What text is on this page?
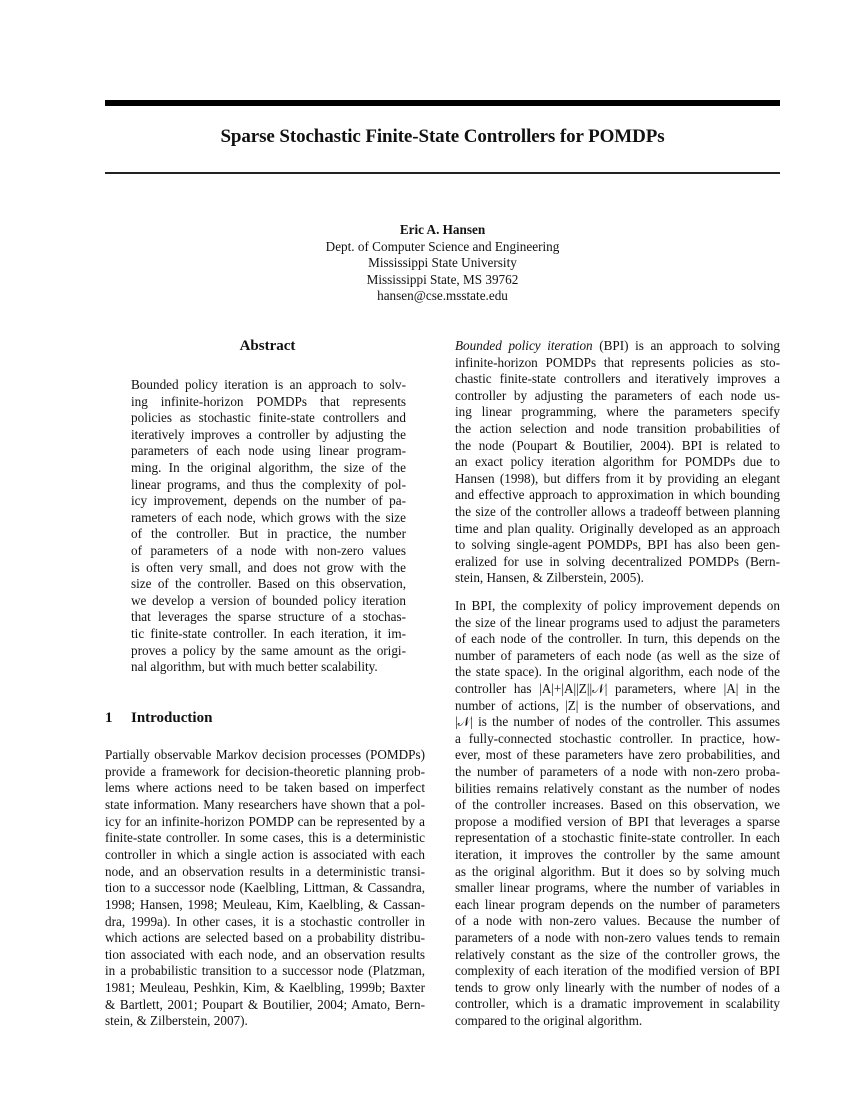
Sparse Stochastic Finite-State Controllers for POMDPs
Eric A. Hansen
Dept. of Computer Science and Engineering
Mississippi State University
Mississippi State, MS 39762
hansen@cse.msstate.edu
Abstract
Bounded policy iteration is an approach to solv-
ing infinite-horizon POMDPs that represents
policies as stochastic finite-state controllers and
iteratively improves a controller by adjusting the
parameters of each node using linear program-
ming. In the original algorithm, the size of the
linear programs, and thus the complexity of pol-
icy improvement, depends on the number of pa-
rameters of each node, which grows with the size
of the controller. But in practice, the number
of parameters of a node with non-zero values
is often very small, and does not grow with the
size of the controller. Based on this observation,
we develop a version of bounded policy iteration
that leverages the sparse structure of a stochas-
tic finite-state controller. In each iteration, it im-
proves a policy by the same amount as the origi-
nal algorithm, but with much better scalability.
1 Introduction
Partially observable Markov decision processes (POMDPs)
provide a framework for decision-theoretic planning prob-
lems where actions need to be taken based on imperfect
state information. Many researchers have shown that a pol-
icy for an infinite-horizon POMDP can be represented by a
finite-state controller. In some cases, this is a deterministic
controller in which a single action is associated with each
node, and an observation results in a deterministic transi-
tion to a successor node (Kaelbling, Littman, & Cassandra,
1998; Hansen, 1998; Meuleau, Kim, Kaelbling, & Cassan-
dra, 1999a). In other cases, it is a stochastic controller in
which actions are selected based on a probability distribu-
tion associated with each node, and an observation results
in a probabilistic transition to a successor node (Platzman,
1981; Meuleau, Peshkin, Kim, & Kaelbling, 1999b; Baxter
& Bartlett, 2001; Poupart & Boutilier, 2004; Amato, Bern-
stein, & Zilberstein, 2007).
Bounded policy iteration (BPI) is an approach to solving
infinite-horizon POMDPs that represents policies as sto-
chastic finite-state controllers and iteratively improves a
controller by adjusting the parameters of each node us-
ing linear programming, where the parameters specify
the action selection and node transition probabilities of
the node (Poupart & Boutilier, 2004). BPI is related to
an exact policy iteration algorithm for POMDPs due to
Hansen (1998), but differs from it by providing an elegant
and effective approach to approximation in which bounding
the size of the controller allows a tradeoff between planning
time and plan quality. Originally developed as an approach
to solving single-agent POMDPs, BPI has also been gen-
eralized for use in solving decentralized POMDPs (Bern-
stein, Hansen, & Zilberstein, 2005).
In BPI, the complexity of policy improvement depends on
the size of the linear programs used to adjust the parameters
of each node of the controller. In turn, this depends on the
number of parameters of each node (as well as the size of
the state space). In the original algorithm, each node of the
controller has |A|+|A||Z||𝒩| parameters, where |A| in the
number of actions, |Z| is the number of observations, and
|𝒩| is the number of nodes of the controller. This assumes
a fully-connected stochastic controller. In practice, how-
ever, most of these parameters have zero probabilities, and
the number of parameters of a node with non-zero proba-
bilities remains relatively constant as the number of nodes
of the controller increases. Based on this observation, we
propose a modified version of BPI that leverages a sparse
representation of a stochastic finite-state controller. In each
iteration, it improves the controller by the same amount
as the original algorithm. But it does so by solving much
smaller linear programs, where the number of variables in
each linear program depends on the number of parameters
of a node with non-zero values. Because the number of
parameters of a node with non-zero values tends to remain
relatively constant as the size of the controller grows, the
complexity of each iteration of the modified version of BPI
tends to grow only linearly with the number of nodes of a
controller, which is a dramatic improvement in scalability
compared to the original algorithm.
